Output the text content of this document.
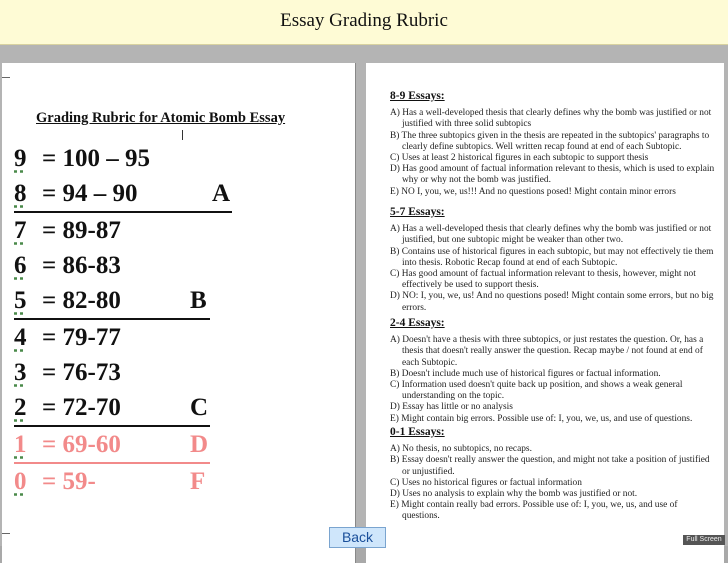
Essay Grading Rubric
Grading Rubric for Atomic Bomb Essay
9 = 100 – 95
8 = 94 – 90	A
7 = 89-87
6 = 86-83
5 = 82-80	B
4 = 79-77
3 = 76-73
2 = 72-70	C
1 = 69-60	D
0 = 59-	F
8-9 Essays:
A) Has a well-developed thesis that clearly defines why the bomb was justified or not justified with three solid subtopics
B) The three subtopics given in the thesis are repeated in the subtopics' paragraphs to clearly define subtopics. Well written recap found at end of each Subtopic.
C) Uses at least 2 historical figures in each subtopic to support thesis
D) Has good amount of factual information relevant to thesis, which is used to explain why or why not the bomb was justified.
E) NO I, you, we, us!!! And no questions posed! Might contain minor errors
5-7 Essays:
A) Has a well-developed thesis that clearly defines why the bomb was justified or not justified, but one subtopic might be weaker than other two.
B) Contains use of historical figures in each subtopic, but may not effectively tie them into thesis. Robotic Recap found at end of each Subtopic.
C) Has good amount of factual information relevant to thesis, however, might not effectively be used to support thesis.
D) NO: I, you, we, us! And no questions posed! Might contain some errors, but no big errors.
2-4 Essays:
A) Doesn't have a thesis with three subtopics, or just restates the question. Or, has a thesis that doesn't really answer the question. Recap maybe / not found at end of each Subtopic.
B) Doesn't include much use of historical figures or factual information.
C) Information used doesn't quite back up position, and shows a weak general understanding on the topic.
D) Essay has little or no analysis
E) Might contain big errors. Possible use of: I, you, we, us, and use of questions.
0-1 Essays:
A) No thesis, no subtopics, no recaps.
B) Essay doesn't really answer the question, and might not take a position of justified or unjustified.
C) Uses no historical figures or factual information
D) Uses no analysis to explain why the bomb was justified or not.
E) Might contain really bad errors. Possible use of: I, you, we, us, and use of questions.
Back	Full Screen
